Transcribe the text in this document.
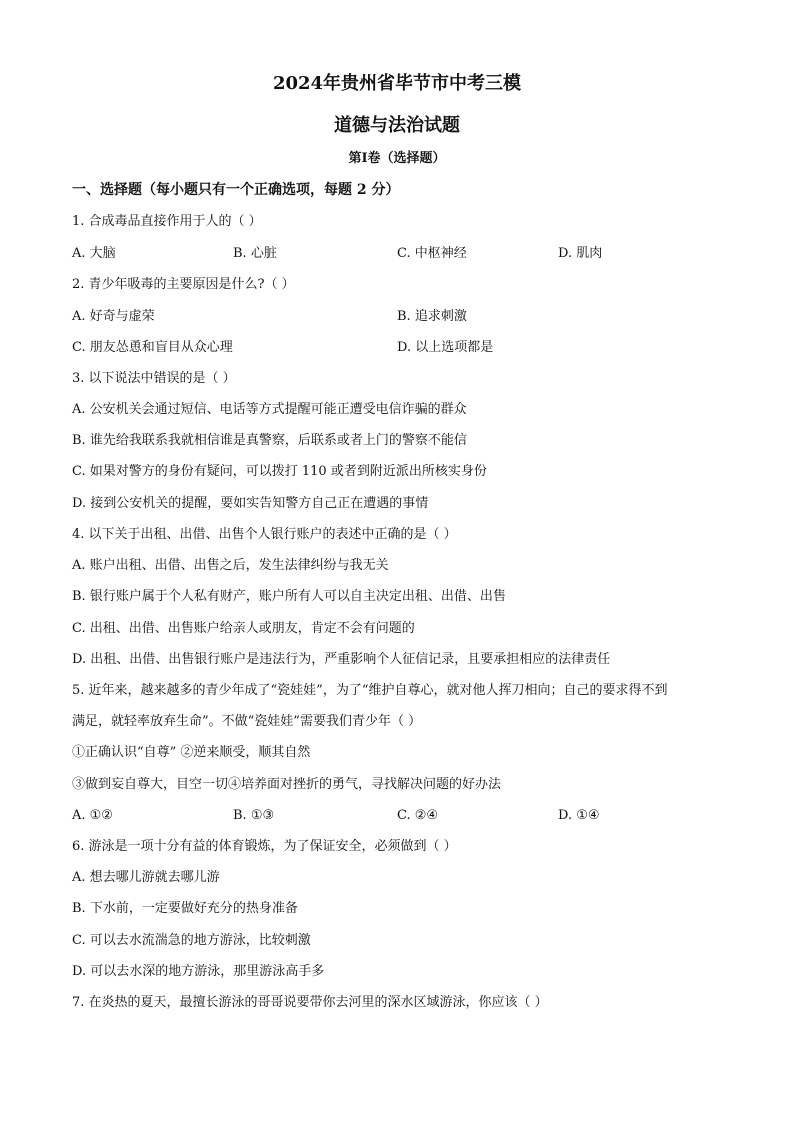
2024年贵州省毕节市中考三模
道德与法治试题
第Ⅰ卷（选择题）
一、选择题（每小题只有一个正确选项，每题 2 分）
1. 合成毒品直接作用于人的（ ）
A. 大脑	B. 心脏	C. 中枢神经	D. 肌肉
2. 青少年吸毒的主要原因是什么?（ ）
A. 好奇与虚荣	B. 追求刺激
C. 朋友怂恿和盲目从众心理	D. 以上选项都是
3. 以下说法中错误的是（ ）
A. 公安机关会通过短信、电话等方式提醒可能正遭受电信诈骗的群众
B. 谁先给我联系我就相信谁是真警察，后联系或者上门的警察不能信
C. 如果对警方的身份有疑问，可以拨打 110 或者到附近派出所核实身份
D. 接到公安机关的提醒，要如实告知警方自己正在遭遇的事情
4. 以下关于出租、出借、出售个人银行账户的表述中正确的是（ ）
A. 账户出租、出借、出售之后，发生法律纠纷与我无关
B. 银行账户属于个人私有财产，账户所有人可以自主决定出租、出借、出售
C. 出租、出借、出售账户给亲人或朋友，肯定不会有问题的
D. 出租、出借、出售银行账户是违法行为，严重影响个人征信记录，且要承担相应的法律责任
5. 近年来，越来越多的青少年成了“瓷娃娃”，为了“维护自尊心，就对他人挥刀相向；自己的要求得不到
满足，就轻率放弃生命”。不做“瓷娃娃”需要我们青少年（ ）
①正确认识“自尊” ②逆来顺受，顺其自然
③做到妄自尊大，目空一切④培养面对挫折的勇气，寻找解决问题的好办法
A. ①②	B. ①③	C. ②④	D. ①④
6. 游泳是一项十分有益的体育锻炼，为了保证安全，必须做到（ ）
A. 想去哪儿游就去哪儿游
B. 下水前，一定要做好充分的热身准备
C. 可以去水流湍急的地方游泳，比较刺激
D. 可以去水深的地方游泳，那里游泳高手多
7. 在炎热的夏天，最擅长游泳的哥哥说要带你去河里的深水区域游泳，你应该（ ）
